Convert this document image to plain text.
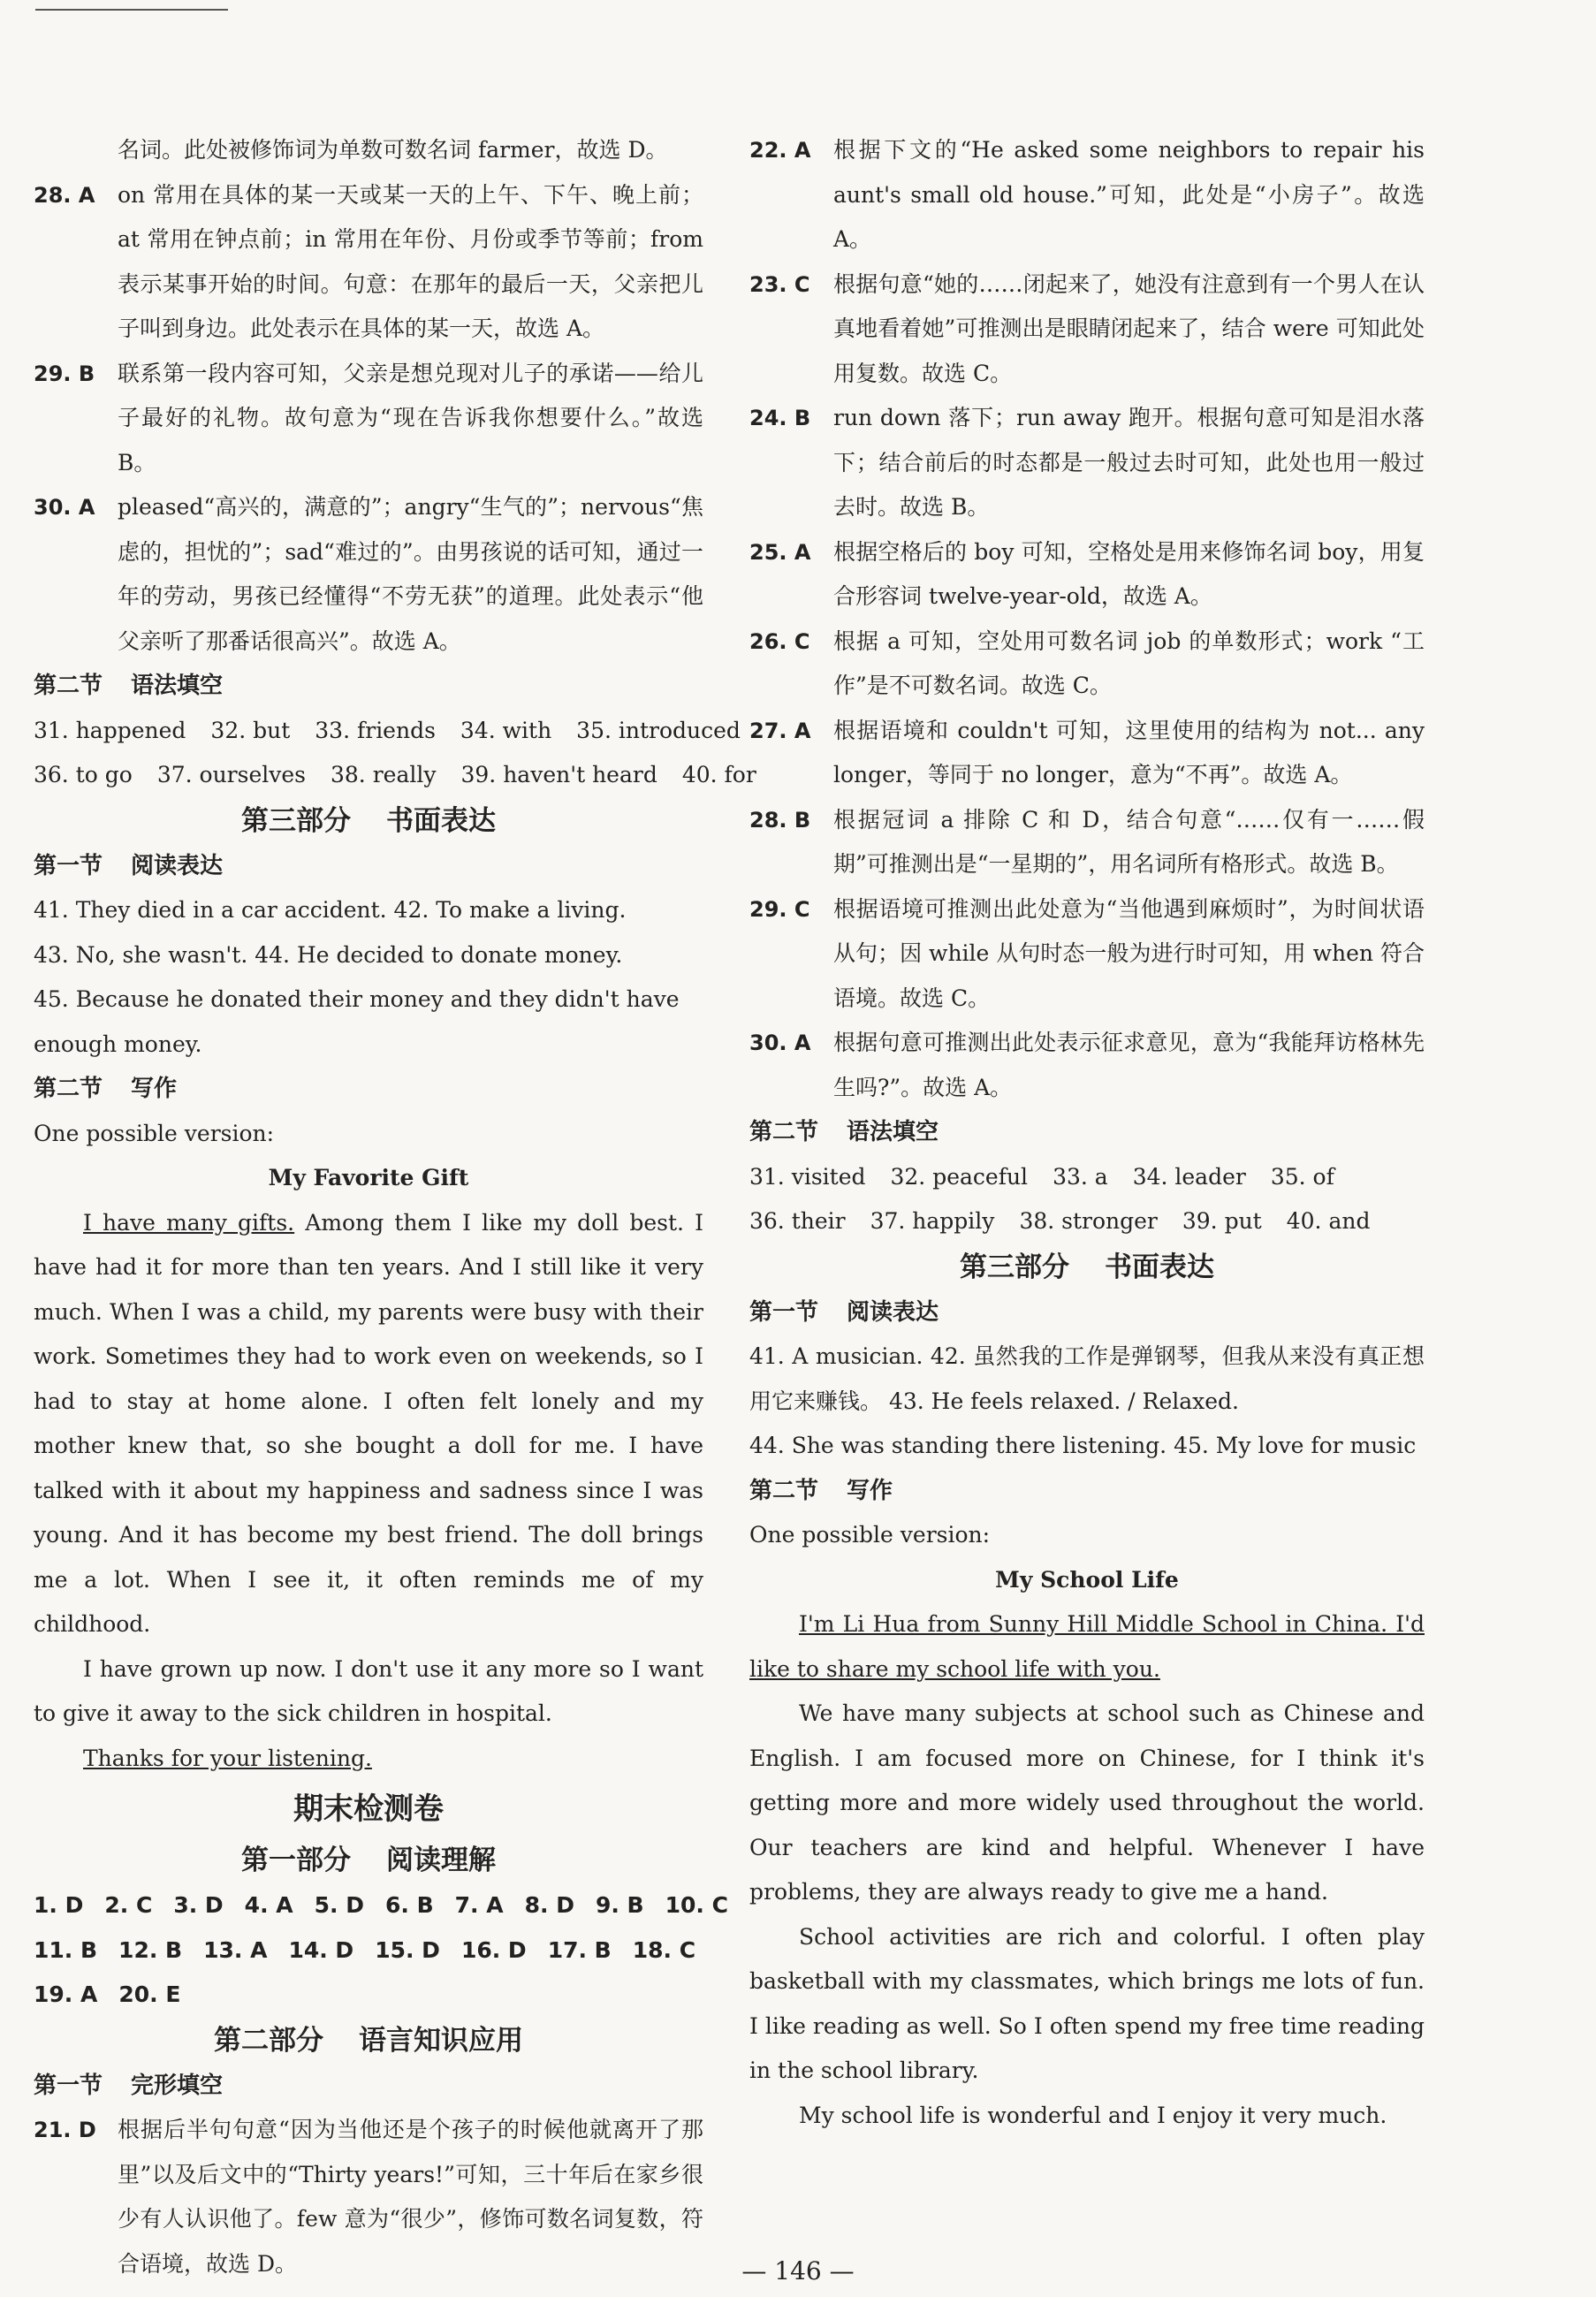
名词。此处被修饰词为单数可数名词 farmer，故选 D。
28. A	on 常用在具体的某一天或某一天的上午、下午、晚上前；at 常用在钟点前；in 常用在年份、月份或季节等前；from 表示某事开始的时间。句意：在那年的最后一天，父亲把儿子叫到身边。此处表示在具体的某一天，故选 A。
29. B	联系第一段内容可知，父亲是想兑现对儿子的承诺——给儿子最好的礼物。故句意为“现在告诉我你想要什么。”故选 B。
30. A	pleased“高兴的，满意的”；angry“生气的”；nervous“焦虑的，担忧的”；sad“难过的”。由男孩说的话可知，通过一年的劳动，男孩已经懂得“不劳无获”的道理。此处表示“他父亲听了那番话很高兴”。故选 A。
第二节 语法填空
31. happened 32. but 33. friends 34. with 35. introduced
36. to go 37. ourselves 38. really 39. haven't heard 40. for
第三部分 书面表达
第一节 阅读表达
41. They died in a car accident. 42. To make a living.
43. No, she wasn't. 44. He decided to donate money.
45. Because he donated their money and they didn't have enough money.
第二节 写作
One possible version:
My Favorite Gift
I have many gifts. Among them I like my doll best. I have had it for more than ten years. And I still like it very much. When I was a child, my parents were busy with their work. Sometimes they had to work even on weekends, so I had to stay at home alone. I often felt lonely and my mother knew that, so she bought a doll for me. I have talked with it about my happiness and sadness since I was young. And it has become my best friend. The doll brings me a lot. When I see it, it often reminds me of my childhood.
I have grown up now. I don't use it any more so I want to give it away to the sick children in hospital.
Thanks for your listening.
期末检测卷
第一部分 阅读理解
1. D 2. C 3. D 4. A 5. D 6. B 7. A 8. D 9. B 10. C
11. B 12. B 13. A 14. D 15. D 16. D 17. B 18. C
19. A 20. E
第二部分 语言知识应用
第一节 完形填空
21. D 根据后半句句意“因为当他还是个孩子的时候他就离开了那里”以及后文中的“Thirty years!”可知，三十年后在家乡很少有人认识他了。few 意为“很少”，修饰可数名词复数，符合语境，故选 D。
22. A	根据下文的“He asked some neighbors to repair his aunt's small old house.”可知，此处是“小房子”。故选 A。
23. C	根据句意“她的……闭起来了，她没有注意到有一个男人在认真地看着她”可推测出是眼睛闭起来了，结合 were 可知此处用复数。故选 C。
24. B	run down 落下；run away 跑开。根据句意可知是泪水落下；结合前后的时态都是一般过去时可知，此处也用一般过去时。故选 B。
25. A	根据空格后的 boy 可知，空格处是用来修饰名词 boy，用复合形容词 twelve-year-old，故选 A。
26. C	根据 a 可知，空处用可数名词 job 的单数形式；work “工作”是不可数名词。故选 C。
27. A	根据语境和 couldn't 可知，这里使用的结构为 not... any longer，等同于 no longer，意为“不再”。故选 A。
28. B	根据冠词 a 排除 C 和 D，结合句意“……仅有一……假期”可推测出是“一星期的”，用名词所有格形式。故选 B。
29. C	根据语境可推测出此处意为“当他遇到麻烦时”，为时间状语从句；因 while 从句时态一般为进行时可知，用 when 符合语境。故选 C。
30. A	根据句意可推测出此处表示征求意见，意为“我能拜访格林先生吗?”。故选 A。
第二节 语法填空
31. visited 32. peaceful 33. a 34. leader 35. of
36. their 37. happily 38. stronger 39. put 40. and
第三部分 书面表达
第一节 阅读表达
41. A musician. 42. 虽然我的工作是弹钢琴，但我从来没有真正想用它来赚钱。 43. He feels relaxed. / Relaxed.
44. She was standing there listening. 45. My love for music
第二节 写作
One possible version:
My School Life
I'm Li Hua from Sunny Hill Middle School in China. I'd like to share my school life with you.
We have many subjects at school such as Chinese and English. I am focused more on Chinese, for I think it's getting more and more widely used throughout the world. Our teachers are kind and helpful. Whenever I have problems, they are always ready to give me a hand.
School activities are rich and colorful. I often play basketball with my classmates, which brings me lots of fun. I like reading as well. So I often spend my free time reading in the school library.
My school life is wonderful and I enjoy it very much.
— 146 —
